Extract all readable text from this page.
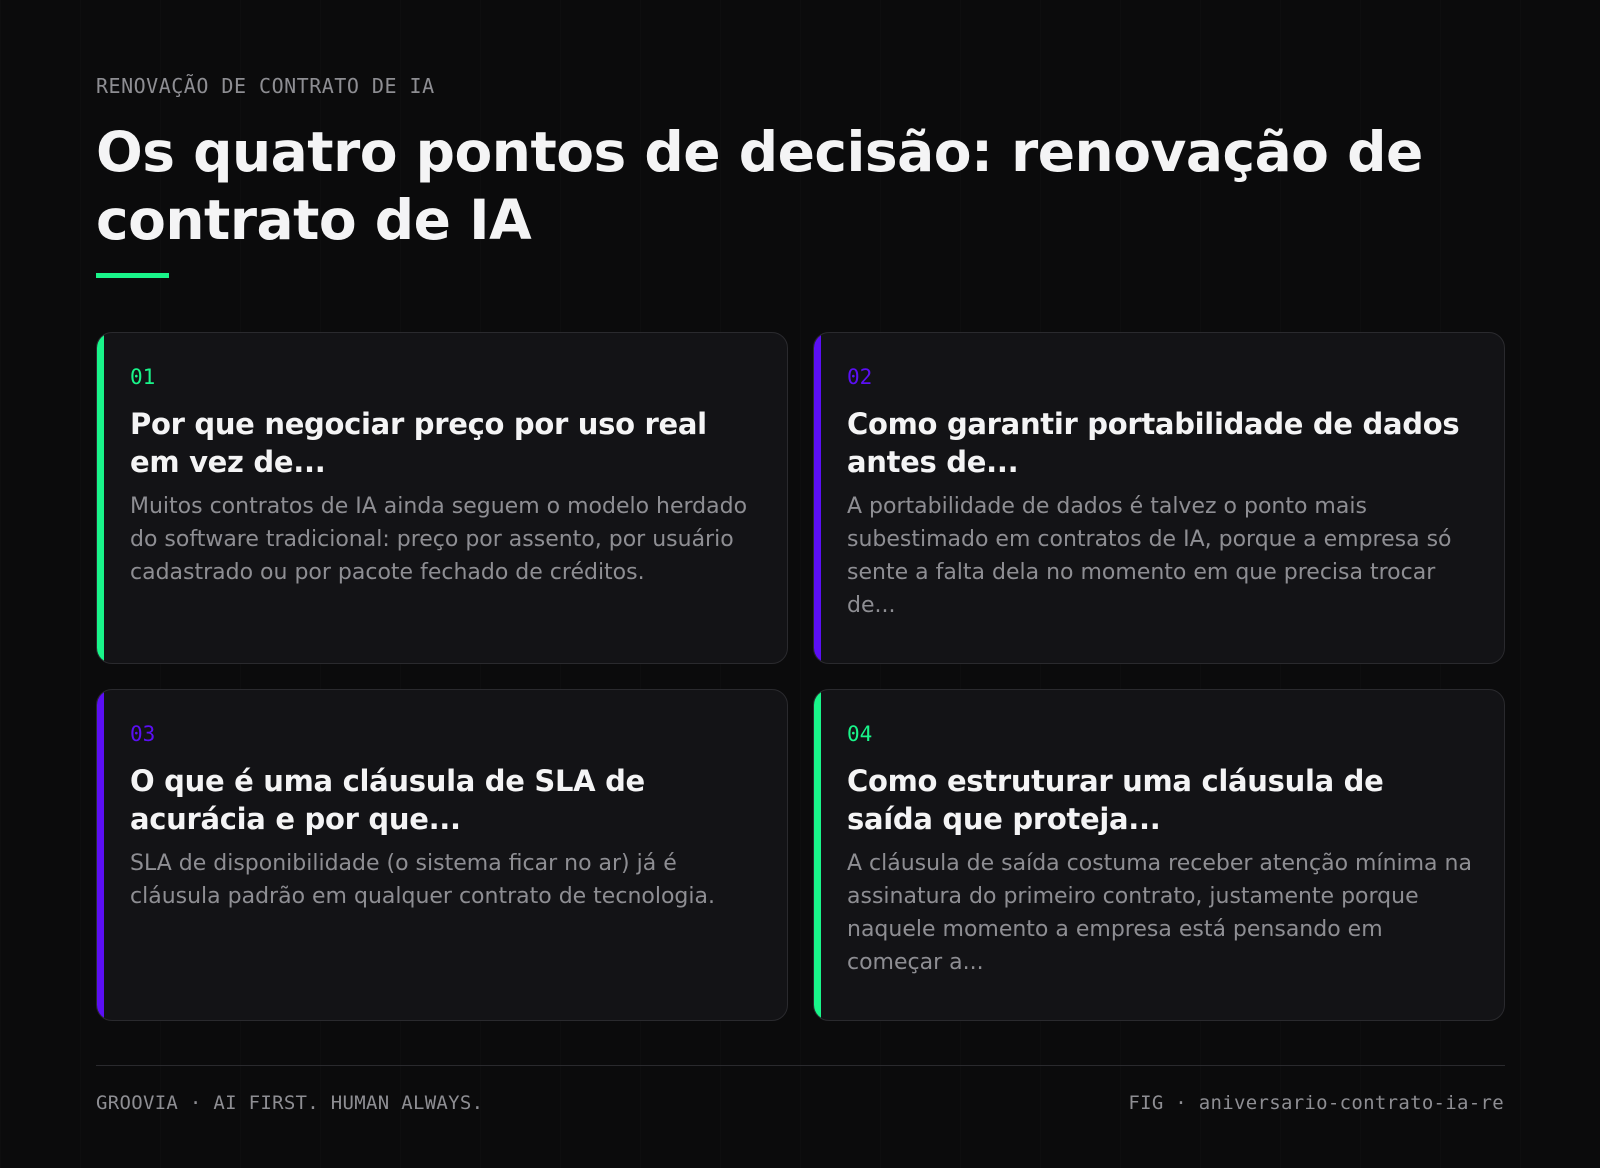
RENOVAÇÃO DE CONTRATO DE IA
Os quatro pontos de decisão: renovação de contrato de IA
01
Por que negociar preço por uso real em vez de...

Muitos contratos de IA ainda seguem o modelo herdado do software tradicional: preço por assento, por usuário cadastrado ou por pacote fechado de créditos.

02
Como garantir portabilidade de dados antes de...

A portabilidade de dados é talvez o ponto mais subestimado em contratos de IA, porque a empresa só sente a falta dela no momento em que precisa trocar de...

03
O que é uma cláusula de SLA de acurácia e por que...

SLA de disponibilidade (o sistema ficar no ar) já é cláusula padrão em qualquer contrato de tecnologia.

04
Como estruturar uma cláusula de saída que proteja...

A cláusula de saída costuma receber atenção mínima na assinatura do primeiro contrato, justamente porque naquele momento a empresa está pensando em começar a...

GROOVIA · AI FIRST. HUMAN ALWAYS.	FIG · aniversario-contrato-ia-re
